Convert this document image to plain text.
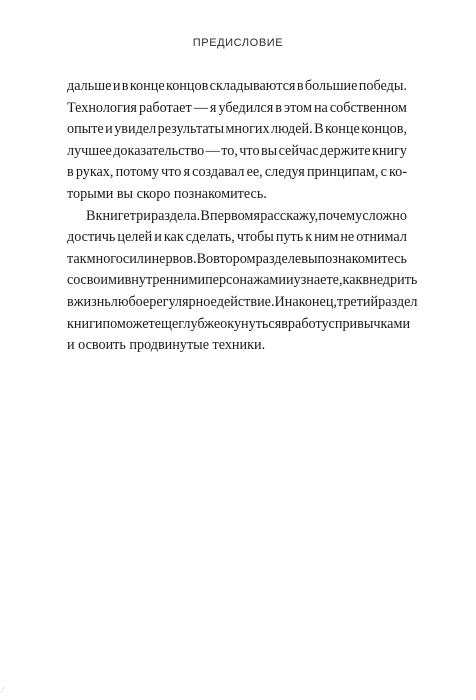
ПРЕДИСЛОВИЕ
дальше и в конце концов складываются в большие победы.
Технология работает — я убедился в этом на собственном
опыте и увидел результаты многих людей. В конце концов,
лучшее доказательство — то, что вы сейчас держите книгу
в руках, потому что я создавал ее, следуя принципам, с ко-
торыми вы скоро познакомитесь.
В книге три раздела. В первом я расскажу, почему сложно
достичь целей и как сделать, чтобы путь к ним не отнимал
так много сил и нервов. Во втором разделе вы познакомитесь
со своими внутренними персонажами и узнаете, как внедрить
в жизнь любое регулярное действие. И наконец, третий раздел
книги поможет еще глубже окунуться в работу с привычками
и освоить продвинутые техники.
⁄
